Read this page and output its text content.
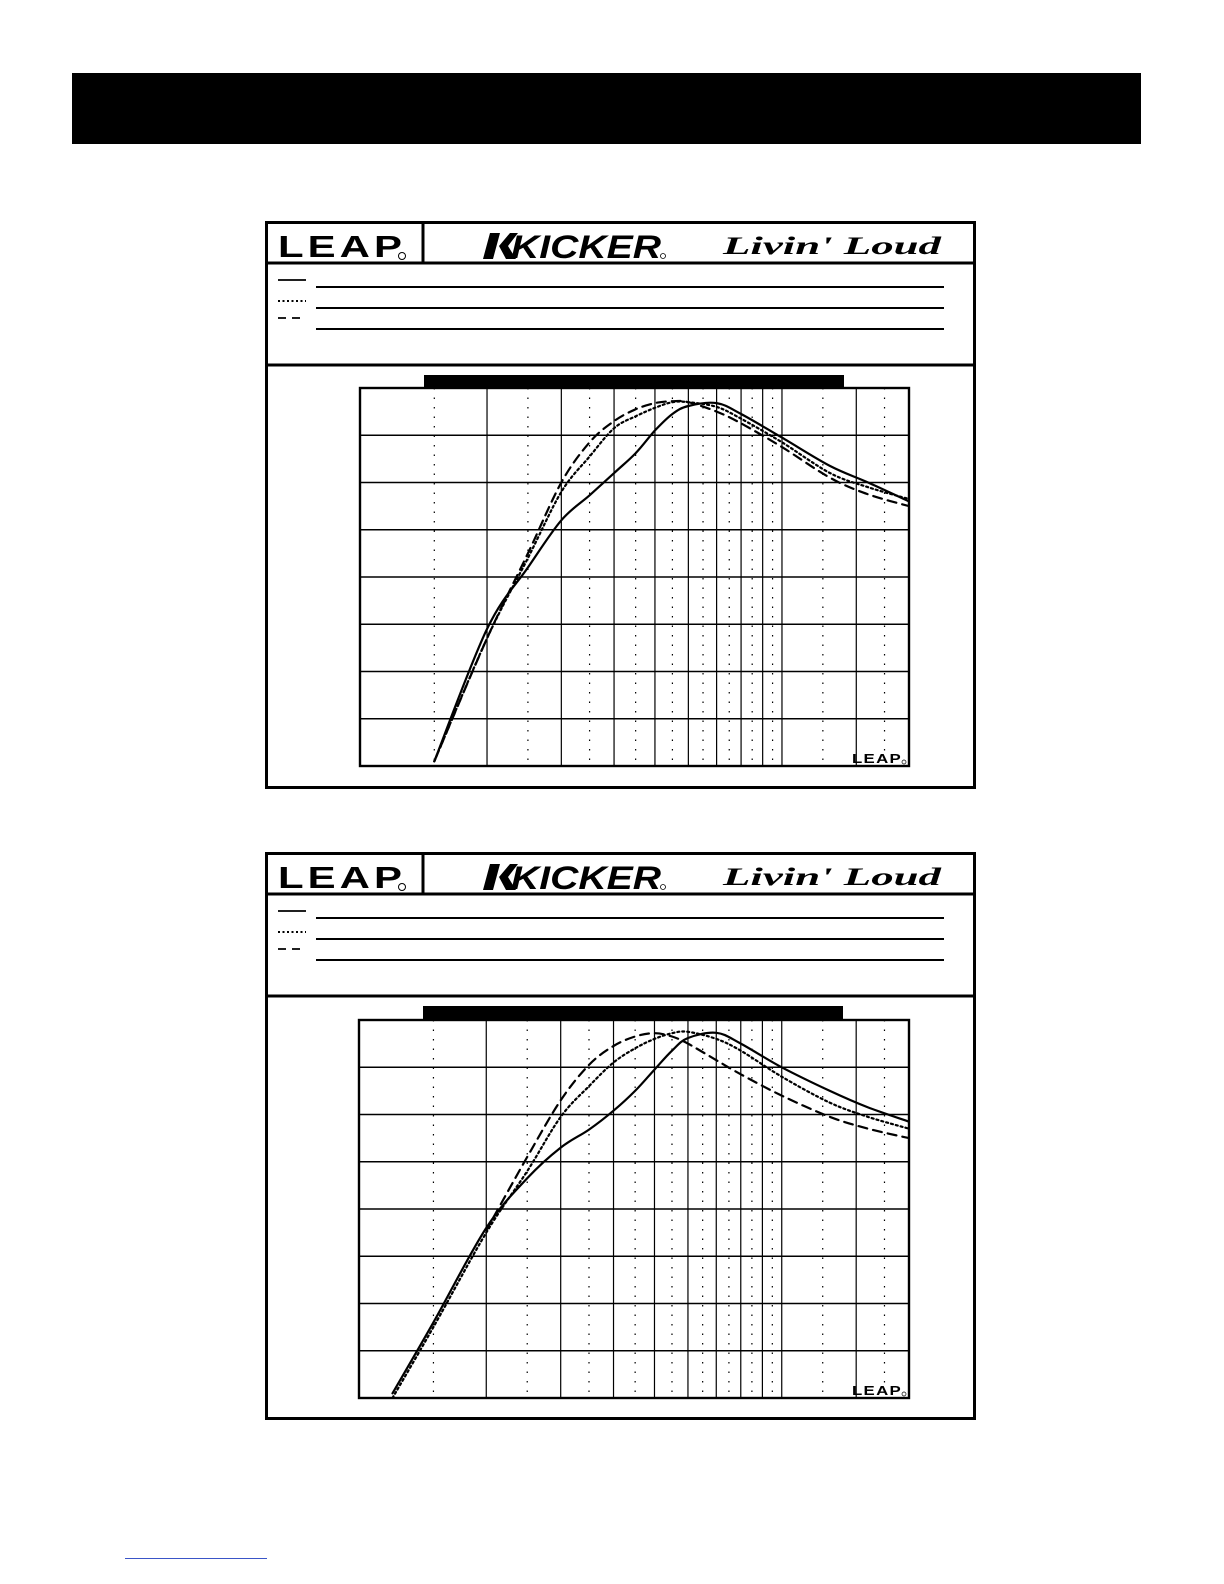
LEAP	KICKER Livin' Loud
LEAP
LEAP	KICKER Livin' Loud
LEAP
